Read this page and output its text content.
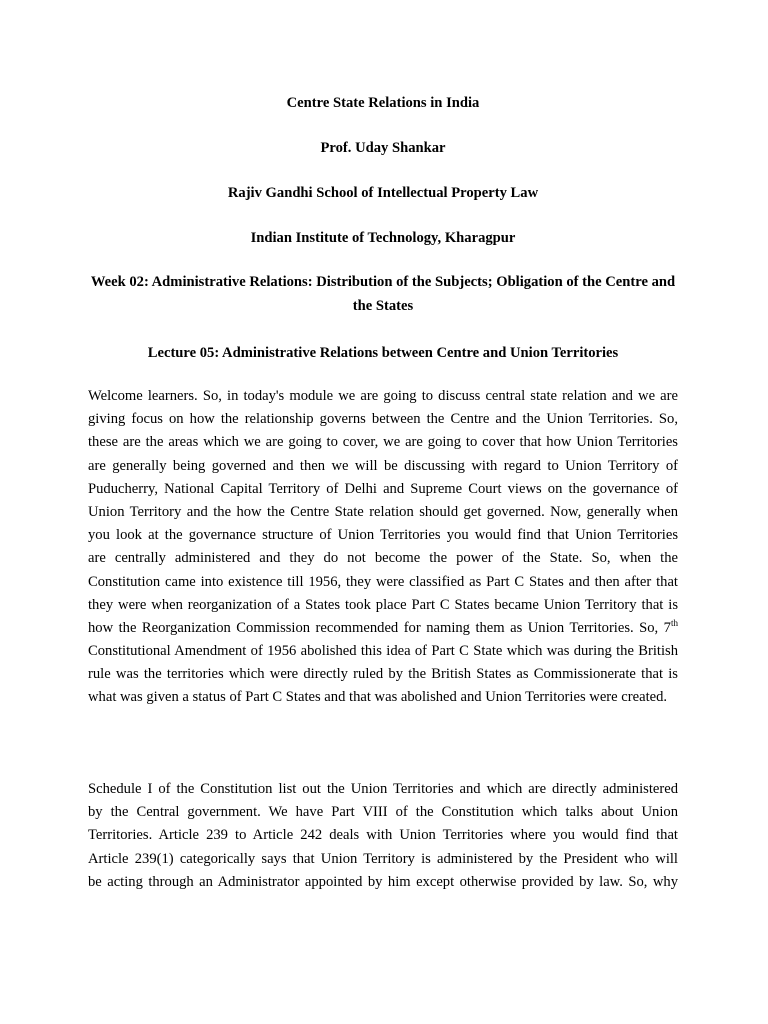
Centre State Relations in India

Prof. Uday Shankar

Rajiv Gandhi School of Intellectual Property Law

Indian Institute of Technology, Kharagpur

Week 02: Administrative Relations: Distribution of the Subjects; Obligation of the Centre and the States

Lecture 05: Administrative Relations between Centre and Union Territories

Welcome learners. So, in today's module we are going to discuss central state relation and we are
giving focus on how the relationship governs between the Centre and the Union Territories. So,
these are the areas which we are going to cover, we are going to cover that how Union Territories
are generally being governed and then we will be discussing with regard to Union Territory of
Puducherry, National Capital Territory of Delhi and Supreme Court views on the governance of
Union Territory and the how the Centre State relation should get governed. Now, generally when
you look at the governance structure of Union Territories you would find that Union Territories
are centrally administered and they do not become the power of the State. So, when the
Constitution came into existence till 1956, they were classified as Part C States and then after that
they were when reorganization of a States took place Part C States became Union Territory that is
how the Reorganization Commission recommended for naming them as Union Territories. So, 7th
Constitutional Amendment of 1956 abolished this idea of Part C State which was during the British
rule was the territories which were directly ruled by the British States as Commissionerate that is
what was given a status of Part C States and that was abolished and Union Territories were created.
Schedule I of the Constitution list out the Union Territories and which are directly administered
by the Central government. We have Part VIII of the Constitution which talks about Union
Territories. Article 239 to Article 242 deals with Union Territories where you would find that
Article 239(1) categorically says that Union Territory is administered by the President who will
be acting through an Administrator appointed by him except otherwise provided by law. So, why
